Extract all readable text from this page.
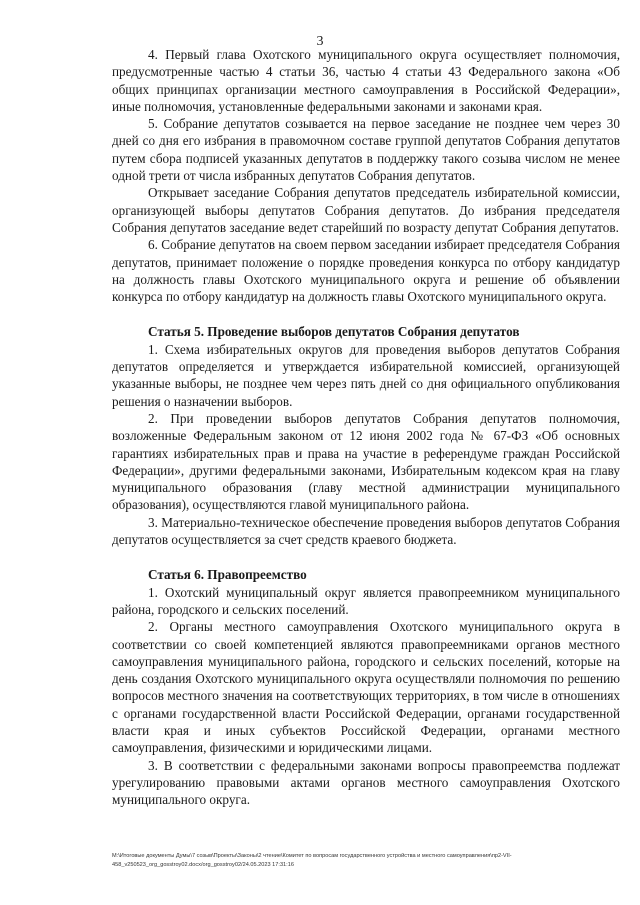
3

4. Первый глава Охотского муниципального округа осуществляет полномочия, предусмотренные частью 4 статьи 36, частью 4 статьи 43 Федерального закона «Об общих принципах организации местного самоуправления в Российской Федерации», иные полномочия, установленные федеральными законами и законами края.

5. Собрание депутатов созывается на первое заседание не позднее чем через 30 дней со дня его избрания в правомочном составе группой депутатов Собрания депутатов путем сбора подписей указанных депутатов в поддержку такого созыва числом не менее одной трети от числа избранных депутатов Собрания депутатов.

Открывает заседание Собрания депутатов председатель избирательной комиссии, организующей выборы депутатов Собрания депутатов. До избрания председателя Собрания депутатов заседание ведет старейший по возрасту депутат Собрания депутатов.

6. Собрание депутатов на своем первом заседании избирает председателя Собрания депутатов, принимает положение о порядке проведения конкурса по отбору кандидатур на должность главы Охотского муниципального округа и решение об объявлении конкурса по отбору кандидатур на должность главы Охотского муниципального округа.

Статья 5. Проведение выборов депутатов Собрания депутатов

1. Схема избирательных округов для проведения выборов депутатов Собрания депутатов определяется и утверждается избирательной комиссией, организующей указанные выборы, не позднее чем через пять дней со дня официального опубликования решения о назначении выборов.

2. При проведении выборов депутатов Собрания депутатов полномочия, возложенные Федеральным законом от 12 июня 2002 года № 67-ФЗ «Об основных гарантиях избирательных прав и права на участие в референдуме граждан Российской Федерации», другими федеральными законами, Избирательным кодексом края на главу муниципального образования (главу местной администрации муниципального образования), осуществляются главой муниципального района.

3. Материально-техническое обеспечение проведения выборов депутатов Собрания депутатов осуществляется за счет средств краевого бюджета.

Статья 6. Правопреемство

1. Охотский муниципальный округ является правопреемником муниципального района, городского и сельских поселений.

2. Органы местного самоуправления Охотского муниципального округа в соответствии со своей компетенцией являются правопреемниками органов местного самоуправления муниципального района, городского и сельских поселений, которые на день создания Охотского муниципального округа осуществляли полномочия по решению вопросов местного значения на соответствующих территориях, в том числе в отношениях с органами государственной власти Российской Федерации, органами государственной власти края и иных субъектов Российской Федерации, органами местного самоуправления, физическими и юридическими лицами.

3. В соответствии с федеральными законами вопросы правопреемства подлежат урегулированию правовыми актами органов местного самоуправления Охотского муниципального округа.

М:\Итоговые документы Думы\7 созыв\Проекты\Законы\2 чтение\Комитет по вопросам государственного устройства и местного самоуправления\пр2-VII-458_v250523_org_gosstroy02.docx/org_gosstroy02/24.05.2023 17:31:16
